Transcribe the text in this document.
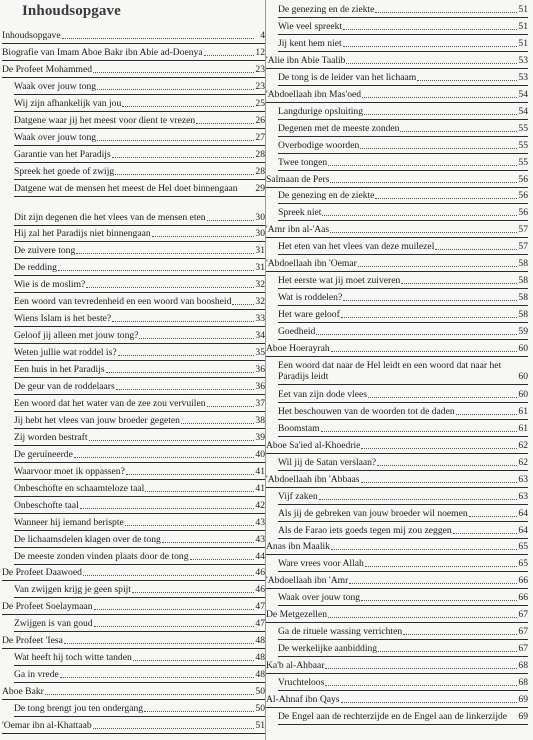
Inhoudsopgave
Inhoudsopgave	4
Biografie van Imam Aboe Bakr ibn Abie ad-Doenya	12
De Profeet Mohammed	23
Waak over jouw tong	23
Wij zijn afhankelijk van jou	25
Datgene waar jij het meest voor dient te vrezen	26
Waak over jouw tong	27
Garantie van het Paradijs	28
Spreek het goede of zwijg	28
Datgene wat de mensen het meest de Hel doet binnengaan	29
Dit zijn degenen die het vlees van de mensen eten	30
Hij zal het Paradijs niet binnengaan	30
De zuivere tong	31
De redding	31
Wie is de moslim?	32
Een woord van tevredenheid en een woord van boosheid	32
Wiens Islam is het beste?	33
Geloof jij alleen met jouw tong?	34
Weten jullie wat roddel is?	35
Een huis in het Paradijs	36
De geur van de roddelaars	36
Een woord dat het water van de zee zou vervuilen	37
Jij hebt het vlees van jouw broeder gegeten	38
Zij worden bestraft	39
De geruïneerde	40
Waarvoor moet ik oppassen?	41
Onbeschofte en schaamteloze taal	41
Onbeschofte taal	42
Wanneer hij iemand berispte	43
De lichaamsdelen klagen over de tong	43
De meeste zonden vinden plaats door de tong	44
De Profeet Daawoed	46
Van zwijgen krijg je geen spijt	46
De Profeet Soelaymaan	47
Zwijgen is van goud	47
De Profeet 'Iesa	48
Wat heeft hij toch witte tanden	48
Ga in vrede	48
Aboe Bakr	50
De tong brengt jou ten ondergang	50
'Oemar ibn al-Khattaab	51
De genezing en de ziekte	51
Wie veel spreekt	51
Jij kent hem niet	51
'Alie ibn Abie Taalib	53
De tong is de leider van het lichaam	53
'Abdoellaah ibn Mas'oed	54
Langdurige opsluiting	54
Degenen met de meeste zonden	55
Overbodige woorden	55
Twee tongen	55
Salmaan de Pers	56
De genezing en de ziekte	56
Spreek niet	56
'Amr ibn al-'Aas	57
Het eten van het vlees van deze muilezel	57
'Abdoellaah ibn 'Oemar	58
Het eerste wat jij moet zuiveren	58
Wat is roddelen?	58
Het ware geloof	58
Goedheid	59
Aboe Hoerayrah	60
Een woord dat naar de Hel leidt en een woord dat naar het Paradijs leidt	60
Eet van zijn dode vlees	60
Het beschouwen van de woorden tot de daden	61
Boomstam	61
Aboe Sa'ied al-Khoedrie	62
Wil jij de Satan verslaan?	62
'Abdoellaah ibn 'Abbaas	63
Vijf zaken	63
Als jij de gebreken van jouw broeder wil noemen	64
Als de Farao iets goeds tegen mij zou zeggen	64
Anas ibn Maalik	65
Ware vrees voor Allah	65
'Abdoellaah ibn 'Amr	66
Waak over jouw tong	66
De Metgezellen	67
Ga de rituele wassing verrichten	67
De werkelijke aanbidding	67
Ka'b al-Ahbaar	68
Vruchteloos	68
Al-Ahnaf ibn Qays	69
De Engel aan de rechterzijde en de Engel aan de linkerzijde	69
